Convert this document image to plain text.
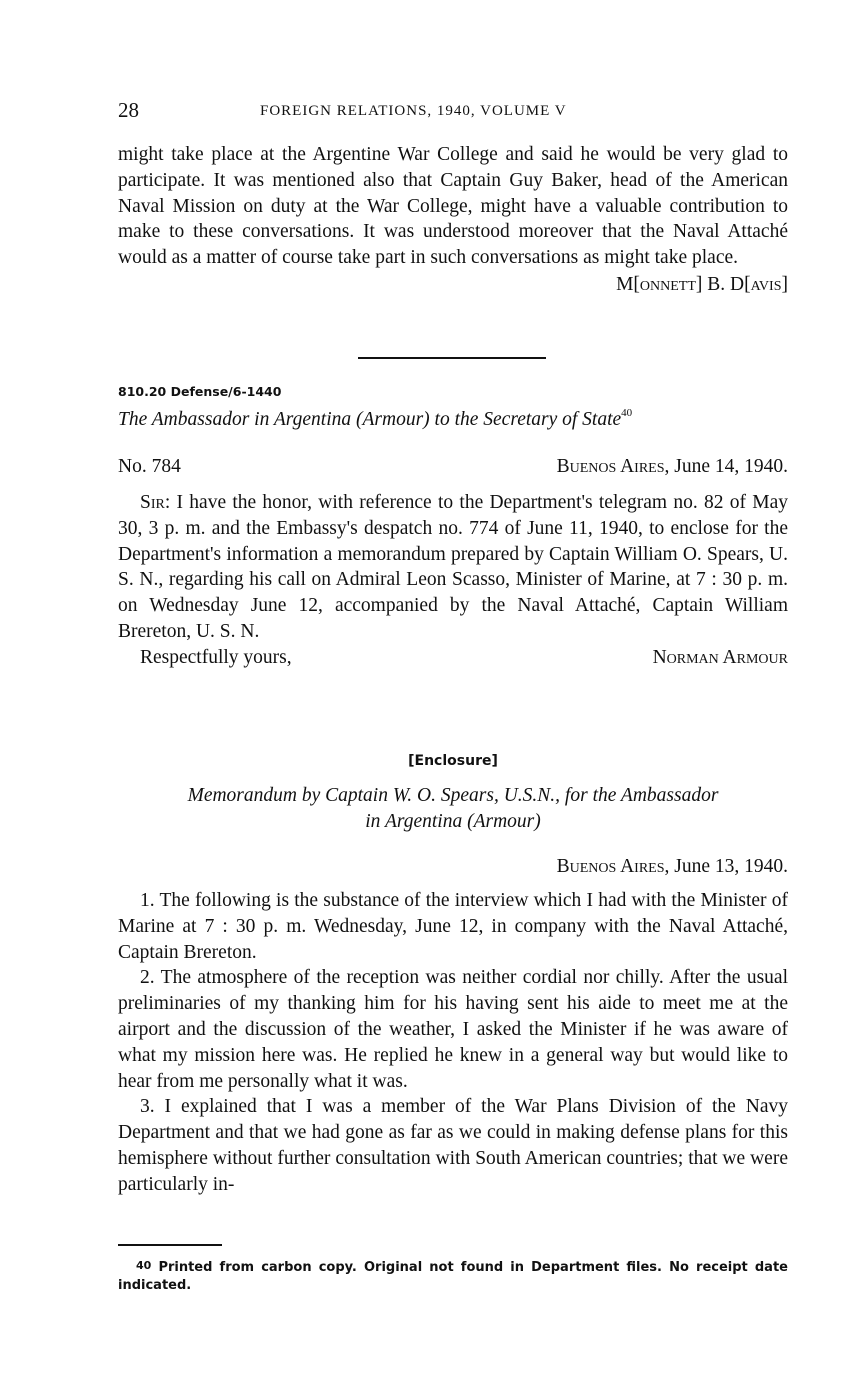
28	FOREIGN RELATIONS, 1940, VOLUME V

might take place at the Argentine War College and said he would be very glad to participate. It was mentioned also that Captain Guy Baker, head of the American Naval Mission on duty at the War College, might have a valuable contribution to make to these conversations. It was understood moreover that the Naval Attaché would as a matter of course take part in such conversations as might take place.

M[onnett] B. D[avis]

810.20 Defense/6-1440
The Ambassador in Argentina (Armour) to the Secretary of State$^{40}$
No. 784	Buenos Aires, June 14, 1940.

Sir: I have the honor, with reference to the Department's telegram no. 82 of May 30, 3 p. m. and the Embassy's despatch no. 774 of June 11, 1940, to enclose for the Department's information a memorandum prepared by Captain William O. Spears, U. S. N., regarding his call on Admiral Leon Scasso, Minister of Marine, at 7 : 30 p. m. on Wednesday June 12, accompanied by the Naval Attaché, Captain William Brereton, U. S. N.

Respectfully yours,	Norman Armour
[Enclosure]
Memorandum by Captain W. O. Spears, U.S.N., for the Ambassador
in Argentina (Armour)
Buenos Aires, June 13, 1940.

1. The following is the substance of the interview which I had with the Minister of Marine at 7 : 30 p. m. Wednesday, June 12, in company with the Naval Attaché, Captain Brereton.

2. The atmosphere of the reception was neither cordial nor chilly. After the usual preliminaries of my thanking him for his having sent his aide to meet me at the airport and the discussion of the weather, I asked the Minister if he was aware of what my mission here was. He replied he knew in a general way but would like to hear from me personally what it was.

3. I explained that I was a member of the War Plans Division of the Navy Department and that we had gone as far as we could in making defense plans for this hemisphere without further consultation with South American countries; that we were particularly in-

$^{40}$ Printed from carbon copy. Original not found in Department files. No receipt date indicated.
